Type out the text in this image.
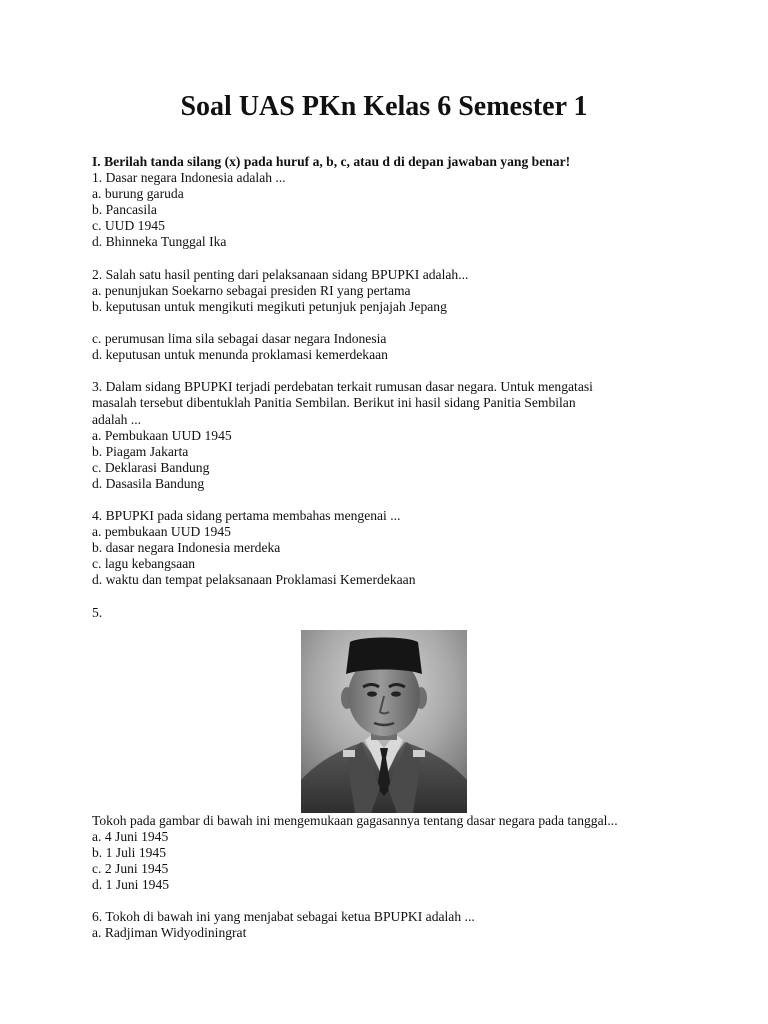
Soal UAS PKn Kelas 6 Semester 1
I. Berilah tanda silang (x) pada huruf a, b, c, atau d di depan jawaban yang benar!
1. Dasar negara Indonesia adalah ...
a. burung garuda
b. Pancasila
c. UUD 1945
d. Bhinneka Tunggal Ika
2. Salah satu hasil penting dari pelaksanaan sidang BPUPKI adalah...
a. penunjukan Soekarno sebagai presiden RI yang pertama
b. keputusan untuk mengikuti megikuti petunjuk penjajah Jepang
c. perumusan lima sila sebagai dasar negara Indonesia
d. keputusan untuk menunda proklamasi kemerdekaan
3. Dalam sidang BPUPKI terjadi perdebatan terkait rumusan dasar negara. Untuk mengatasi
masalah tersebut dibentuklah Panitia Sembilan. Berikut ini hasil sidang Panitia Sembilan
adalah ...
a. Pembukaan UUD 1945
b. Piagam Jakarta
c. Deklarasi Bandung
d. Dasasila Bandung
4. BPUPKI pada sidang pertama membahas mengenai ...
a. pembukaan UUD 1945
b. dasar negara Indonesia merdeka
c. lagu kebangsaan
d. waktu dan tempat pelaksanaan Proklamasi Kemerdekaan
5.
Tokoh pada gambar di bawah ini mengemukaan gagasannya tentang dasar negara pada tanggal...
a. 4 Juni 1945
b. 1 Juli 1945
c. 2 Juni 1945
d. 1 Juni 1945
6. Tokoh di bawah ini yang menjabat sebagai ketua BPUPKI adalah ...
a. Radjiman Widyodiningrat
